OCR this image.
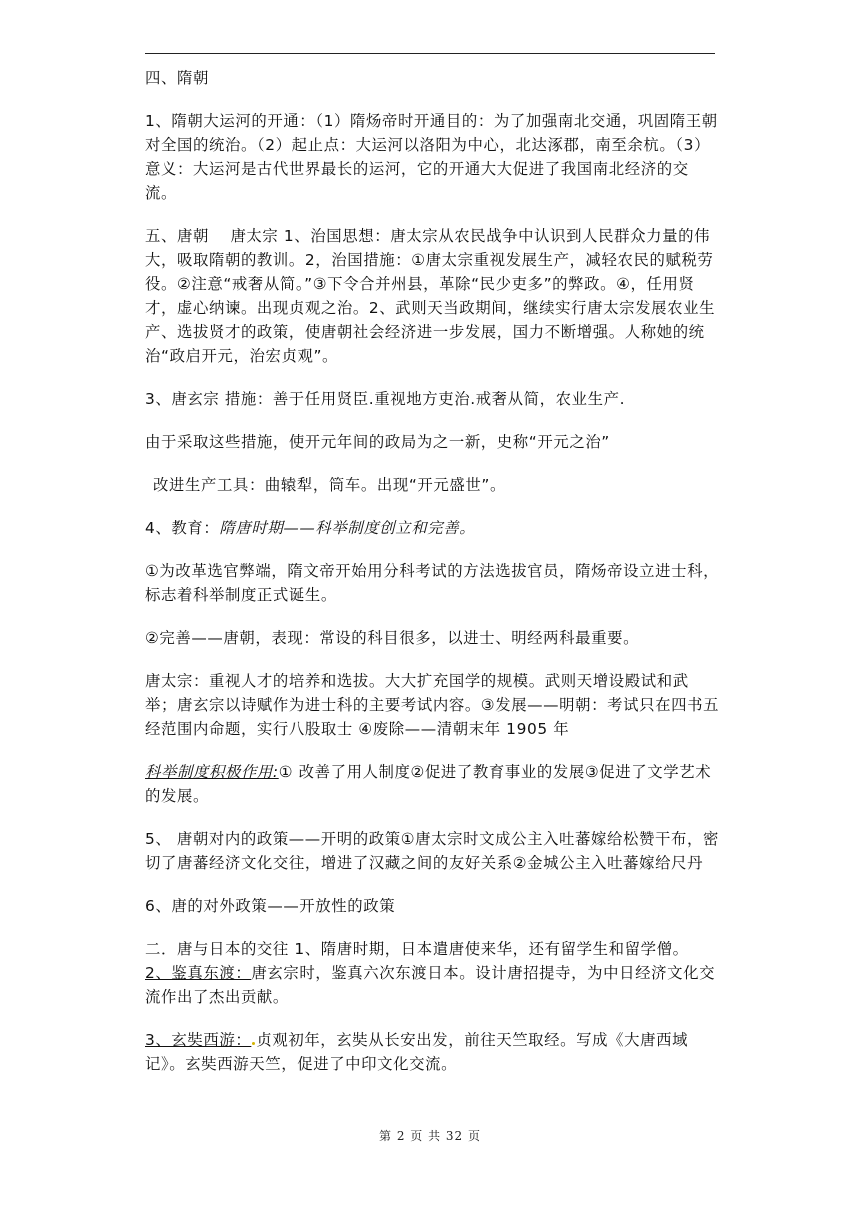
四、隋朝

1、隋朝大运河的开通：（1）隋炀帝时开通目的：为了加强南北交通，巩固隋王朝对全国的统治。（2）起止点：大运河以洛阳为中心，北达涿郡，南至余杭。（3）意义：大运河是古代世界最长的运河，它的开通大大促进了我国南北经济的交流。

五、唐朝　 唐太宗 1、治国思想：唐太宗从农民战争中认识到人民群众力量的伟大，吸取隋朝的教训。2，治国措施：①唐太宗重视发展生产，减轻农民的赋税劳役。②注意“戒奢从简。”③下令合并州县，革除“民少吏多”的弊政。④，任用贤才，虚心纳谏。出现贞观之治。2、武则天当政期间，继续实行唐太宗发展农业生产、选拔贤才的政策，使唐朝社会经济进一步发展，国力不断增强。人称她的统治“政启开元，治宏贞观”。

3、唐玄宗 措施：善于任用贤臣.重视地方吏治.戒奢从简，农业生产.

由于采取这些措施，使开元年间的政局为之一新，史称“开元之治”

改进生产工具：曲辕犁，筒车。出现“开元盛世”。

4、教育：隋唐时期——科举制度创立和完善。

①为改革选官弊端，隋文帝开始用分科考试的方法选拔官员，隋炀帝设立进士科，标志着科举制度正式诞生。

②完善——唐朝，表现：常设的科目很多，以进士、明经两科最重要。

唐太宗：重视人才的培养和选拔。大大扩充国学的规模。武则天增设殿试和武举；唐玄宗以诗赋作为进士科的主要考试内容。③发展——明朝：考试只在四书五经范围内命题，实行八股取士 ④废除——清朝末年 1905 年

科举制度积极作用:① 改善了用人制度②促进了教育事业的发展③促进了文学艺术的发展。

5、 唐朝对内的政策——开明的政策①唐太宗时文成公主入吐蕃嫁给松赞干布，密切了唐蕃经济文化交往，增进了汉藏之间的友好关系②金城公主入吐蕃嫁给尺丹

6、唐的对外政策——开放性的政策

二．唐与日本的交往 1、隋唐时期，日本遣唐使来华，还有留学生和留学僧。

2、鉴真东渡：唐玄宗时，鉴真六次东渡日本。设计唐招提寺，为中日经济文化交流作出了杰出贡献。

3、玄奘西游： 贞观初年，玄奘从长安出发，前往天竺取经。写成《大唐西域记》。玄奘西游天竺，促进了中印文化交流。

第 2 页 共 32 页
